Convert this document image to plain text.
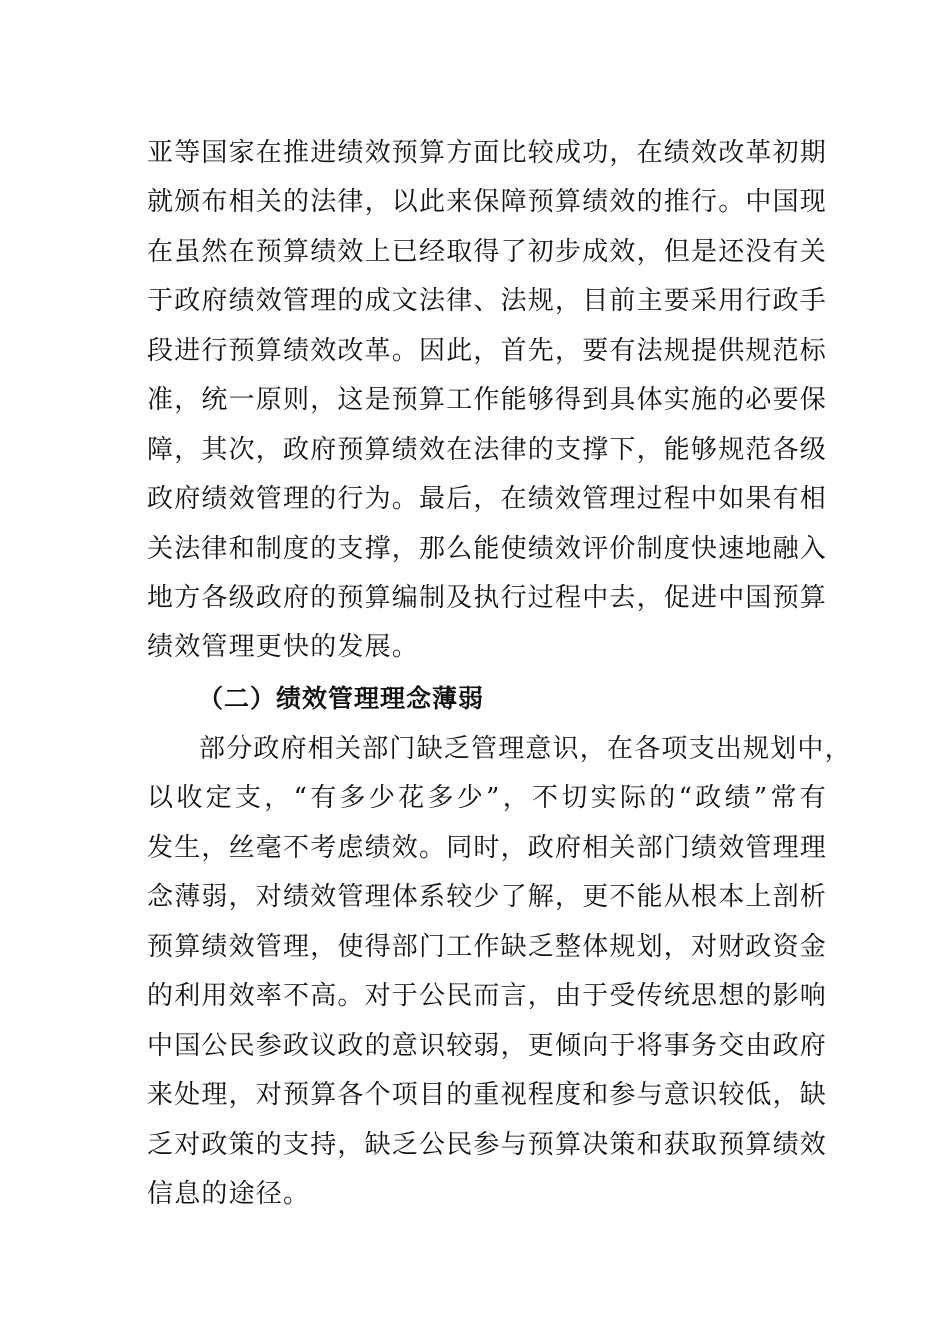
亚等国家在推进绩效预算方面比较成功，在绩效改革初期
就颁布相关的法律，以此来保障预算绩效的推行。中国现
在虽然在预算绩效上已经取得了初步成效，但是还没有关
于政府绩效管理的成文法律、法规，目前主要采用行政手
段进行预算绩效改革。因此，首先，要有法规提供规范标
准，统一原则，这是预算工作能够得到具体实施的必要保
障，其次，政府预算绩效在法律的支撑下，能够规范各级
政府绩效管理的行为。最后，在绩效管理过程中如果有相
关法律和制度的支撑，那么能使绩效评价制度快速地融入
地方各级政府的预算编制及执行过程中去，促进中国预算
绩效管理更快的发展。
（二）绩效管理理念薄弱
部分政府相关部门缺乏管理意识，在各项支出规划中，
以收定支，“有多少花多少”，不切实际的“政绩”常有
发生，丝毫不考虑绩效。同时，政府相关部门绩效管理理
念薄弱，对绩效管理体系较少了解，更不能从根本上剖析
预算绩效管理，使得部门工作缺乏整体规划，对财政资金
的利用效率不高。对于公民而言，由于受传统思想的影响
中国公民参政议政的意识较弱，更倾向于将事务交由政府
来处理，对预算各个项目的重视程度和参与意识较低，缺
乏对政策的支持，缺乏公民参与预算决策和获取预算绩效
信息的途径。
